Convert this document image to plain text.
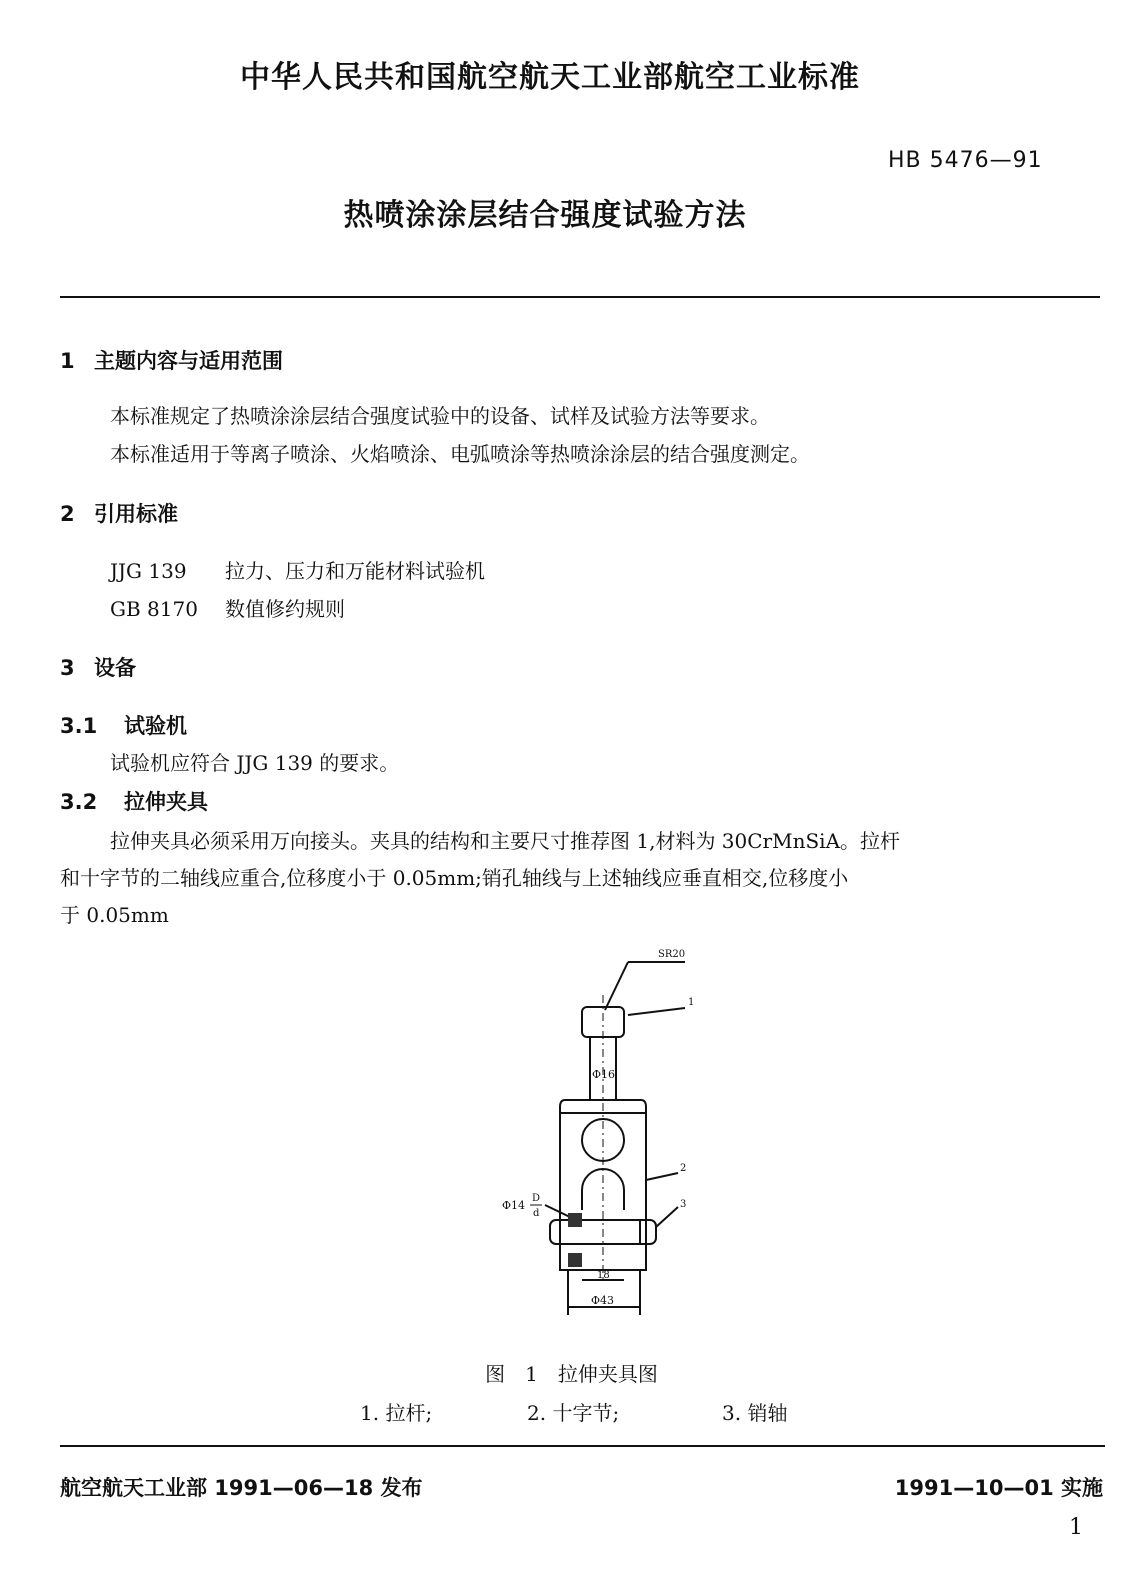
中华人民共和国航空航天工业部航空工业标准
HB 5476—91
热喷涂涂层结合强度试验方法
1 主题内容与适用范围

本标准规定了热喷涂涂层结合强度试验中的设备、试样及试验方法等要求。

本标准适用于等离子喷涂、火焰喷涂、电弧喷涂等热喷涂涂层的结合强度测定。

2 引用标准
JJG 139 拉力、压力和万能材料试验机
GB 8170 数值修约规则
3 设备
3.1 试验机

试验机应符合 JJG 139 的要求。

3.2 拉伸夹具

拉伸夹具必须采用万向接头。夹具的结构和主要尺寸推荐图 1,材料为 30CrMnSiA。拉杆

和十字节的二轴线应重合,位移度小于 0.05mm;销孔轴线与上述轴线应垂直相交,位移度小

于 0.05mm

SR20
1
Φ16
2
3
Φ14
D
d
18
Φ43
图　1　拉伸夹具图
1. 拉杆;	2. 十字节;	3. 销轴
航空航天工业部 1991—06—18 发布	1991—10—01 实施
1
